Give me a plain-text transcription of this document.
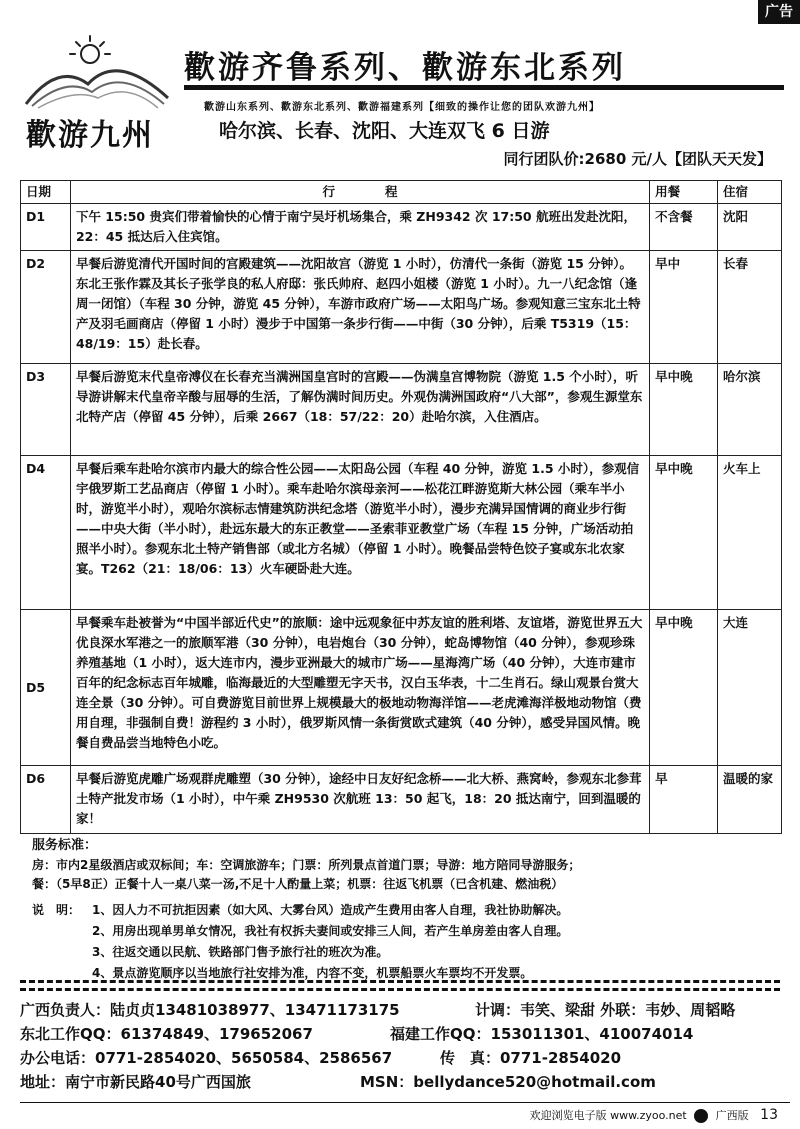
广告
歡游九州
歡游齐鲁系列、歡游东北系列
歡游山东系列、歡游东北系列、歡游福建系列【细致的操作让您的团队欢游九州】
哈尔滨、长春、沈阳、大连双飞 6 日游
同行团队价:2680 元/人【团队天天发】
日期	行　　　　程	用餐	住宿
D1	下午 15:50 贵宾们带着愉快的心情于南宁吴圩机场集合，乘 ZH9342 次 17:50 航班出发赴沈阳，22：45 抵达后入住宾馆。	不含餐	沈阳
D2	早餐后游览清代开国时间的宫殿建筑——沈阳故宫（游览 1 小时），仿清代一条街（游览 15 分钟）。东北王张作霖及其长子张学良的私人府邸：张氏帅府、赵四小姐楼（游览 1 小时）。九一八纪念馆（逢周一闭馆）（车程 30 分钟，游览 45 分钟），车游市政府广场——太阳鸟广场。参观知意三宝东北土特产及羽毛画商店（停留 1 小时）漫步于中国第一条步行街——中街（30 分钟），后乘 T5319（15：48/19：15）赴长春。	早中	长春
D3	早餐后游览末代皇帝溥仪在长春充当满洲国皇宫时的宫殿——伪满皇宫博物院（游览 1.5 个小时），听导游讲解末代皇帝辛酸与屈辱的生活，了解伪满时间历史。外观伪满洲国政府“八大部”，参观生源堂东北特产店（停留 45 分钟），后乘 2667（18：57/22：20）赴哈尔滨，入住酒店。	早中晚	哈尔滨
D4	早餐后乘车赴哈尔滨市内最大的综合性公园——太阳岛公园（车程 40 分钟，游览 1.5 小时），参观信宇俄罗斯工艺品商店（停留 1 小时）。乘车赴哈尔滨母亲河——松花江畔游览斯大林公园（乘车半小时，游览半小时），观哈尔滨标志情建筑防洪纪念塔（游览半小时），漫步充满异国情调的商业步行街——中央大街（半小时），赴远东最大的东正教堂——圣索菲亚教堂广场（车程 15 分钟，广场活动拍照半小时）。参观东北土特产销售部（或北方名城）（停留 1 小时）。晚餐品尝特色饺子宴或东北农家宴。T262（21：18/06：13）火车硬卧赴大连。	早中晚	火车上
D5	早餐乘车赴被誉为“中国半部近代史”的旅顺：途中远观象征中苏友谊的胜利塔、友谊塔，游览世界五大优良深水军港之一的旅顺军港（30 分钟），电岩炮台（30 分钟），蛇岛博物馆（40 分钟），参观珍珠养殖基地（1 小时），返大连市内，漫步亚洲最大的城市广场——星海湾广场（40 分钟），大连市建市百年的纪念标志百年城雕，临海最近的大型雕塑无字天书，汉白玉华表，十二生肖石。绿山观景台赏大连全景（30 分钟）。可自费游览目前世界上规模最大的极地动物海洋馆——老虎滩海洋极地动物馆（费用自理，非强制自费！游程约 3 小时），俄罗斯风情一条街赏欧式建筑（40 分钟），感受异国风情。晚餐自费品尝当地特色小吃。	早中晚	大连
D6	早餐后游览虎雕广场观群虎雕塑（30 分钟），途经中日友好纪念桥——北大桥、燕窝岭，参观东北参茸土特产批发市场（1 小时），中午乘 ZH9530 次航班 13：50 起飞，18：20 抵达南宁，回到温暖的家！	早	温暖的家
服务标准：
房：市内2星级酒店或双标间；车：空调旅游车；门票：所列景点首道门票；导游：地方陪同导游服务；
餐：（5早8正）正餐十人一桌八菜一汤,不足十人酌量上菜；机票：往返飞机票（已含机建、燃油税）
说　明： 1、因人力不可抗拒因素（如大风、大雾台风）造成产生费用由客人自理，我社协助解决。
2、用房出现单男单女情况，我社有权拆夫妻间或安排三人间，若产生单房差由客人自理。
3、往返交通以民航、铁路部门售予旅行社的班次为准。
4、景点游览顺序以当地旅行社安排为准，内容不变，机票船票火车票均不开发票。
广西负责人：陆贞贞13481038977、13471173175	计调：韦笑、梁甜 外联：韦妙、周韬略
东北工作QQ：61374849、179652067	福建工作QQ：153011301、410074014
办公电话：0771-2854020、5650584、2586567	传　真：0771-2854020
地址：南宁市新民路40号广西国旅	MSN：bellydance520@hotmail.com
欢迎浏览电子版 www.zyoo.net	广西版 13
